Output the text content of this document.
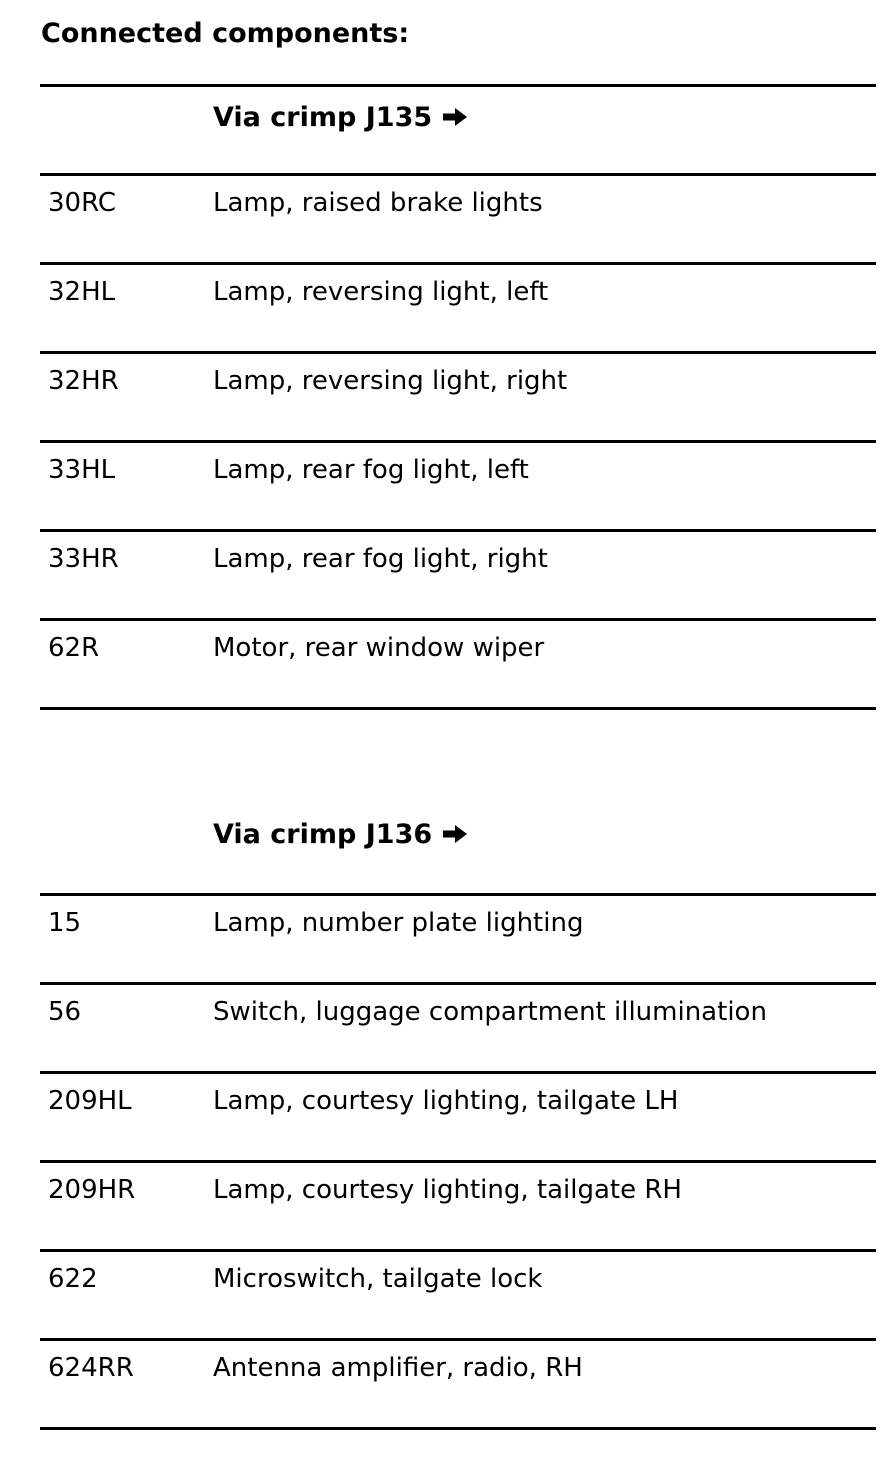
Connected components:
Via crimp J135
30RC	Lamp, raised brake lights
32HL	Lamp, reversing light, left
32HR	Lamp, reversing light, right
33HL	Lamp, rear fog light, left
33HR	Lamp, rear fog light, right
62R	Motor, rear window wiper
Via crimp J136
15	Lamp, number plate lighting
56	Switch, luggage compartment illumination
209HL	Lamp, courtesy lighting, tailgate LH
209HR	Lamp, courtesy lighting, tailgate RH
622	Microswitch, tailgate lock
624RR	Antenna amplifier, radio, RH
